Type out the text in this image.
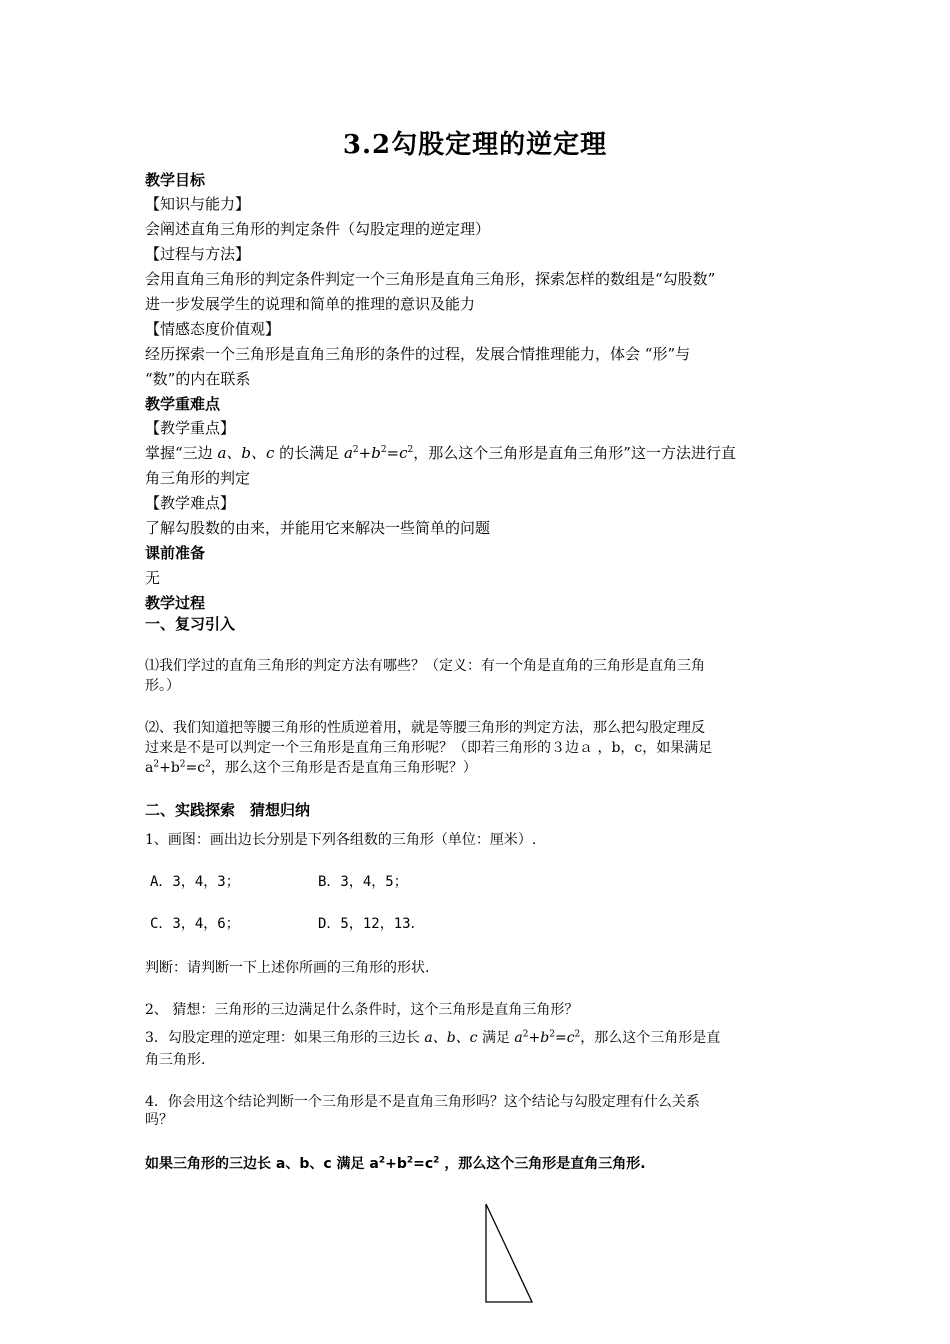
3.2勾股定理的逆定理
教学目标
【知识与能力】
会阐述直角三角形的判定条件（勾股定理的逆定理）
【过程与方法】
会用直角三角形的判定条件判定一个三角形是直角三角形，探索怎样的数组是“勾股数”
进一步发展学生的说理和简单的推理的意识及能力
【情感态度价值观】
经历探索一个三角形是直角三角形的条件的过程，发展合情推理能力，体会 “形”与
“数”的内在联系
教学重难点
【教学重点】
掌握“三边 a、b、c 的长满足 $a^2+b^2=c^2$，那么这个三角形是直角三角形”这一方法进行直
角三角形的判定
【教学难点】
了解勾股数的由来，并能用它来解决一些简单的问题
课前准备
无
教学过程
一、复习引入
⑴我们学过的直角三角形的判定方法有哪些？（定义：有一个角是直角的三角形是直角三角
形。）
⑵、我们知道把等腰三角形的性质逆着用，就是等腰三角形的判定方法，那么把勾股定理反
过来是不是可以判定一个三角形是直角三角形呢？（即若三角形的３边ａ ，b，c，如果满足
$a^2+b^2=c^2$，那么这个三角形是否是直角三角形呢？）
二、实践探索　猜想归纳
1、画图：画出边长分别是下列各组数的三角形（单位：厘米）.
A．3，4，3；	B．3，4，5；
C．3，4，6；	D．5，12，13．
判断：请判断一下上述你所画的三角形的形状.
2、 猜想：三角形的三边满足什么条件时，这个三角形是直角三角形？
3．勾股定理的逆定理：如果三角形的三边长 a、b、c 满足 $a^2+b^2=c^2$，那么这个三角形是直
角三角形.
4．你会用这个结论判断一个三角形是不是直角三角形吗？这个结论与勾股定理有什么关系
吗？
如果三角形的三边长 a、b、c 满足 $a^2+b^2=c^2$ ，那么这个三角形是直角三角形.
